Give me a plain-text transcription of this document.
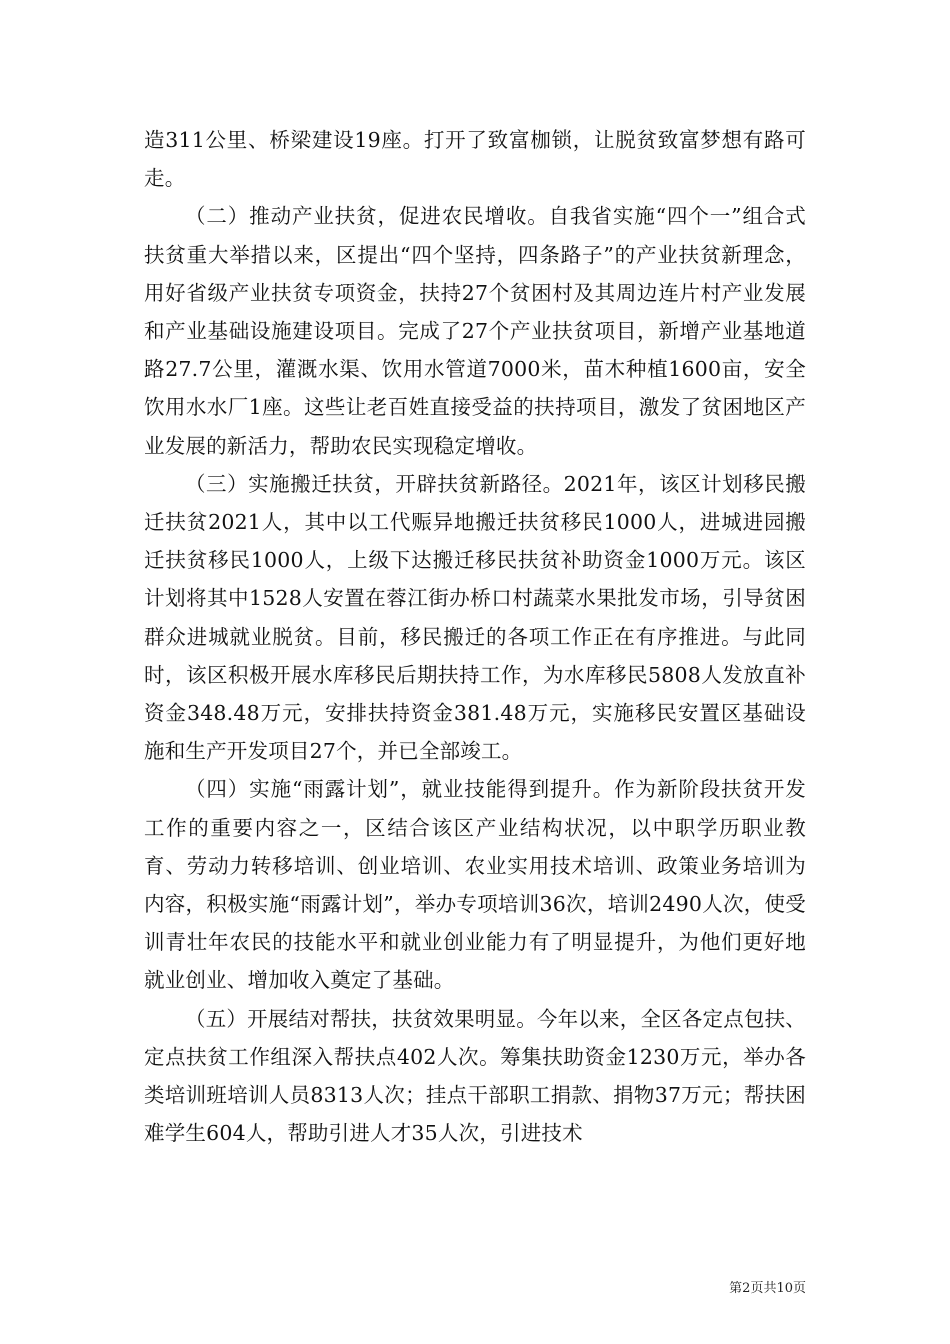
造311公里、桥梁建设19座。打开了致富枷锁，让脱贫致富梦想有路可走。

（二）推动产业扶贫，促进农民增收。自我省实施“四个一”组合式扶贫重大举措以来，区提出“四个坚持，四条路子”的产业扶贫新理念，用好省级产业扶贫专项资金，扶持27个贫困村及其周边连片村产业发展和产业基础设施建设项目。完成了27个产业扶贫项目，新增产业基地道路27.7公里，灌溉水渠、饮用水管道7000米，苗木种植1600亩，安全饮用水水厂1座。这些让老百姓直接受益的扶持项目，激发了贫困地区产业发展的新活力，帮助农民实现稳定增收。

（三）实施搬迁扶贫，开辟扶贫新路径。2021年，该区计划移民搬迁扶贫2021人，其中以工代赈异地搬迁扶贫移民1000人，进城进园搬迁扶贫移民1000人，上级下达搬迁移民扶贫补助资金1000万元。该区计划将其中1528人安置在蓉江街办桥口村蔬菜水果批发市场，引导贫困群众进城就业脱贫。目前，移民搬迁的各项工作正在有序推进。与此同时，该区积极开展水库移民后期扶持工作，为水库移民5808人发放直补资金348.48万元，安排扶持资金381.48万元，实施移民安置区基础设施和生产开发项目27个，并已全部竣工。

（四）实施“雨露计划”，就业技能得到提升。作为新阶段扶贫开发工作的重要内容之一，区结合该区产业结构状况，以中职学历职业教育、劳动力转移培训、创业培训、农业实用技术培训、政策业务培训为内容，积极实施“雨露计划”，举办专项培训36次，培训2490人次，使受训青壮年农民的技能水平和就业创业能力有了明显提升，为他们更好地就业创业、增加收入奠定了基础。

（五）开展结对帮扶，扶贫效果明显。今年以来，全区各定点包扶、定点扶贫工作组深入帮扶点402人次。筹集扶助资金1230万元，举办各类培训班培训人员8313人次；挂点干部职工捐款、捐物37万元；帮扶困难学生604人，帮助引进人才35人次，引进技术

第2页共10页
